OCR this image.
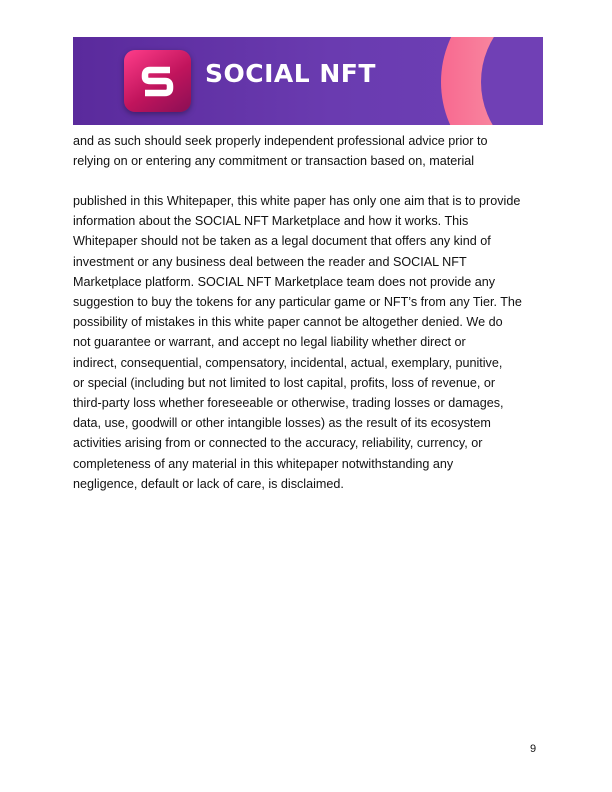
SOCIAL NFT
and as such should seek properly independent professional advice prior to
relying on or entering any commitment or transaction based on, material
published in this Whitepaper, this white paper has only one aim that is to provide
information about the SOCIAL NFT Marketplace and how it works. This
Whitepaper should not be taken as a legal document that offers any kind of
investment or any business deal between the reader and SOCIAL NFT
Marketplace platform. SOCIAL NFT Marketplace team does not provide any
suggestion to buy the tokens for any particular game or NFT’s from any Tier. The
possibility of mistakes in this white paper cannot be altogether denied. We do
not guarantee or warrant, and accept no legal liability whether direct or
indirect, consequential, compensatory, incidental, actual, exemplary, punitive,
or special (including but not limited to lost capital, profits, loss of revenue, or
third-party loss whether foreseeable or otherwise, trading losses or damages,
data, use, goodwill or other intangible losses) as the result of its ecosystem
activities arising from or connected to the accuracy, reliability, currency, or
completeness of any material in this whitepaper notwithstanding any
negligence, default or lack of care, is disclaimed.
9
